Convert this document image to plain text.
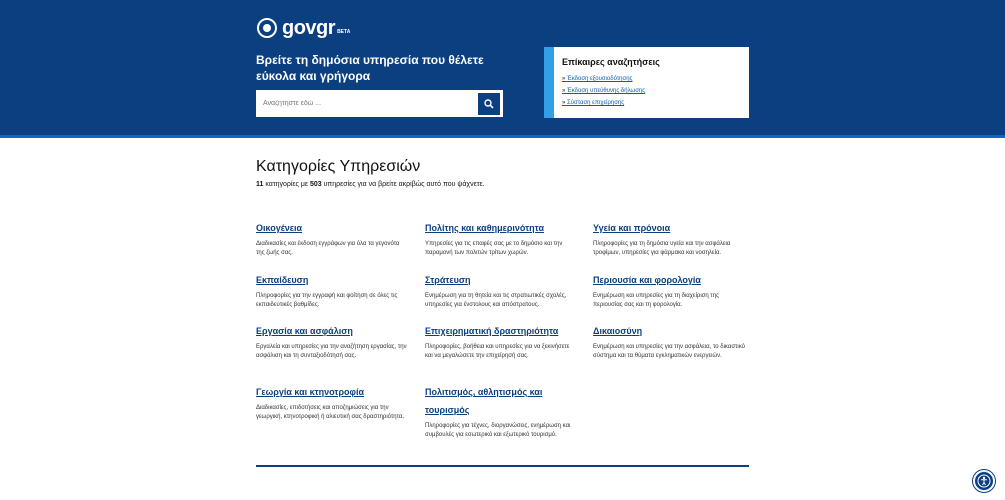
govgr BETA
Βρείτε τη δημόσια υπηρεσία που θέλετε εύκολα και γρήγορα
Αναζητήστε εδώ ...
Επίκαιρες αναζητήσεις
» Έκδοση εξουσιοδότησης
» Έκδοση υπεύθυνης δήλωσης
» Σύσταση επιχείρησης
Κατηγορίες Υπηρεσιών

11 κατηγορίες με 503 υπηρεσίες για να βρείτε ακριβώς αυτό που ψάχνετε.

Οικογένεια

Διαδικασίες και έκδοση εγγράφων για όλα τα γεγονότα της ζωής σας.

Πολίτης και καθημερινότητα

Υπηρεσίες για τις επαφές σας με το δημόσιο και την παραμονή των πολιτών τρίτων χωρών.

Υγεία και πρόνοια

Πληροφορίες για τη δημόσια υγεία και την ασφάλεια τροφίμων, υπηρεσίες για φάρμακα και νοσηλεία.

Εκπαίδευση

Πληροφορίες για την εγγραφή και φοίτηση σε όλες τις εκπαιδευτικές βαθμίδες.

Στράτευση

Ενημέρωση για τη θητεία και τις στρατιωτικές σχολές, υπηρεσίες για ένστολους και απόστρατους.

Περιουσία και φορολογία

Ενημέρωση και υπηρεσίες για τη διαχείριση της περιουσίας σας και τη φορολογία.

Εργασία και ασφάλιση

Εργαλεία και υπηρεσίες για την αναζήτηση εργασίας, την ασφάλιση και τη συνταξιοδότησή σας.

Επιχειρηματική δραστηριότητα

Πληροφορίες, βοήθεια και υπηρεσίες για να ξεκινήσετε και να μεγαλώσετε την επιχείρησή σας.

Δικαιοσύνη

Ενημέρωση και υπηρεσίες για την ασφάλεια, το δικαστικό σύστημα και τα θύματα εγκληματικών ενεργειών.

Γεωργία και κτηνοτροφία

Διαδικασίες, επιδοτήσεις και αποζημιώσεις για την γεωργική, κτηνοτροφική ή αλιευτική σας δραστηριότητα.

Πολιτισμός, αθλητισμός και τουρισμός

Πληροφορίες για τέχνες, διοργανώσεις, ενημέρωση και συμβουλές για εσωτερικό και εξωτερικό τουρισμό.
